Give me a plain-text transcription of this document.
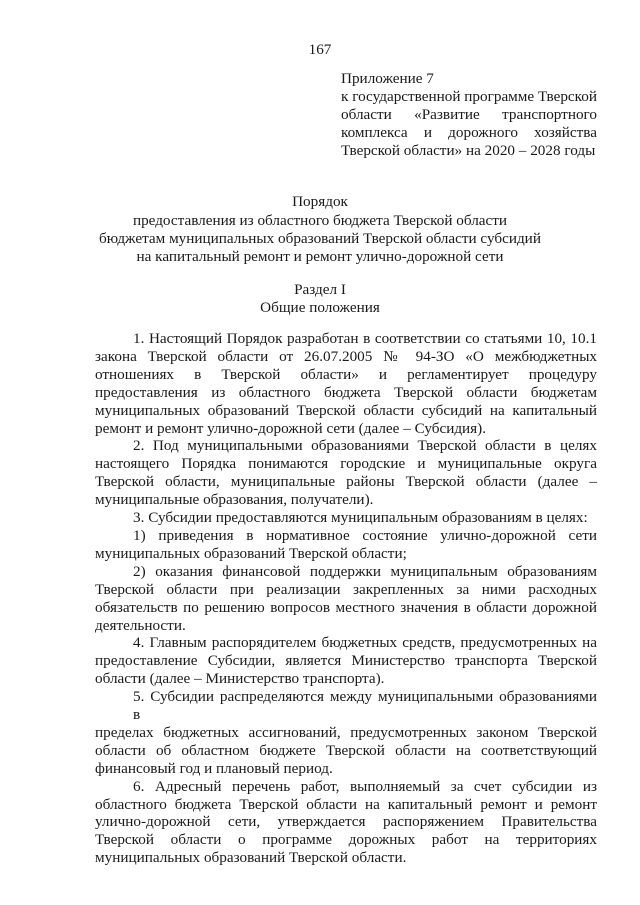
167
Приложение 7
к государственной программе Тверской
области «Развитие транспортного
комплекса и дорожного хозяйства
Тверской области» на 2020 – 2028 годы
Порядок
предоставления из областного бюджета Тверской области
бюджетам муниципальных образований Тверской области субсидий
на капитальный ремонт и ремонт улично-дорожной сети
Раздел I
Общие положения
1. Настоящий Порядок разработан в соответствии со статьями 10, 10.1
закона Тверской области от 26.07.2005 № 94-ЗО «О межбюджетных
отношениях в Тверской области» и регламентирует процедуру
предоставления из областного бюджета Тверской области бюджетам
муниципальных образований Тверской области субсидий на капитальный
ремонт и ремонт улично-дорожной сети (далее – Субсидия).
2. Под муниципальными образованиями Тверской области в целях
настоящего Порядка понимаются городские и муниципальные округа
Тверской области, муниципальные районы Тверской области (далее –
муниципальные образования, получатели).
3. Субсидии предоставляются муниципальным образованиям в целях:
1) приведения в нормативное состояние улично-дорожной сети
муниципальных образований Тверской области;
2) оказания финансовой поддержки муниципальным образованиям
Тверской области при реализации закрепленных за ними расходных
обязательств по решению вопросов местного значения в области дорожной
деятельности.
4. Главным распорядителем бюджетных средств, предусмотренных на
предоставление Субсидии, является Министерство транспорта Тверской
области (далее – Министерство транспорта).
5. Субсидии распределяются между муниципальными образованиями в
пределах бюджетных ассигнований, предусмотренных законом Тверской
области об областном бюджете Тверской области на соответствующий
финансовый год и плановый период.
6. Адресный перечень работ, выполняемый за счет субсидии из
областного бюджета Тверской области на капитальный ремонт и ремонт
улично-дорожной сети, утверждается распоряжением Правительства
Тверской области о программе дорожных работ на территориях
муниципальных образований Тверской области.
